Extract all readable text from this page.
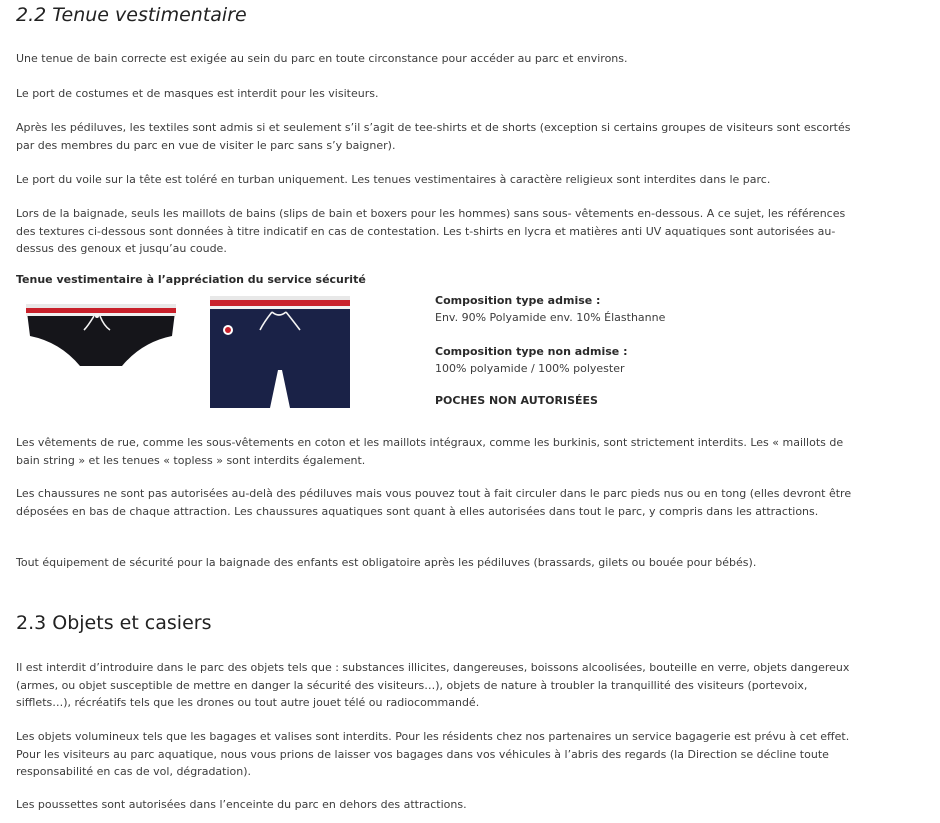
2.2 Tenue vestimentaire

Une tenue de bain correcte est exigée au sein du parc en toute circonstance pour accéder au parc et environs.

Le port de costumes et de masques est interdit pour les visiteurs.

Après les pédiluves, les textiles sont admis si et seulement s’il s’agit de tee-shirts et de shorts (exception si certains groupes de visiteurs sont escortés par des membres du parc en vue de visiter le parc sans s’y baigner).

Le port du voile sur la tête est toléré en turban uniquement. Les tenues vestimentaires à caractère religieux sont interdites dans le parc.

Lors de la baignade, seuls les maillots de bains (slips de bain et boxers pour les hommes) sans sous- vêtements en-dessous. A ce sujet, les références des textures ci-dessous sont données à titre indicatif en cas de contestation. Les t-shirts en lycra et matières anti UV aquatiques sont autorisées au-dessus des genoux et jusqu’au coude.

Tenue vestimentaire à l’appréciation du service sécurité

Composition type admise :
Env. 90% Polyamide env. 10% Élasthanne

Composition type non admise :
100% polyamide / 100% polyester

POCHES NON AUTORISÉES

Les vêtements de rue, comme les sous-vêtements en coton et les maillots intégraux, comme les burkinis, sont strictement interdits. Les « maillots de bain string » et les tenues « topless » sont interdits également.

Les chaussures ne sont pas autorisées au-delà des pédiluves mais vous pouvez tout à fait circuler dans le parc pieds nus ou en tong (elles devront être déposées en bas de chaque attraction. Les chaussures aquatiques sont quant à elles autorisées dans tout le parc, y compris dans les attractions.

Tout équipement de sécurité pour la baignade des enfants est obligatoire après les pédiluves (brassards, gilets ou bouée pour bébés).

2.3 Objets et casiers

Il est interdit d’introduire dans le parc des objets tels que : substances illicites, dangereuses, boissons alcoolisées, bouteille en verre, objets dangereux (armes, ou objet susceptible de mettre en danger la sécurité des visiteurs…), objets de nature à troubler la tranquillité des visiteurs (portevoix, sifflets…), récréatifs tels que les drones ou tout autre jouet télé ou radiocommandé.

Les objets volumineux tels que les bagages et valises sont interdits. Pour les résidents chez nos partenaires un service bagagerie est prévu à cet effet. Pour les visiteurs au parc aquatique, nous vous prions de laisser vos bagages dans vos véhicules à l’abris des regards (la Direction se décline toute responsabilité en cas de vol, dégradation).

Les poussettes sont autorisées dans l’enceinte du parc en dehors des attractions.
